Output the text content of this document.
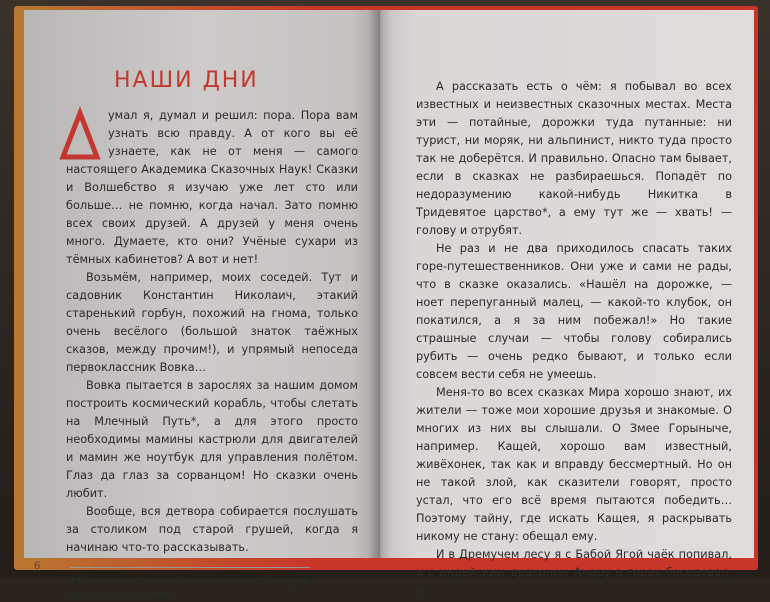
НАШИ ДНИ

умал я, думал и решил: пора. Пора вам узнать всю правду. А от кого вы её узнаете, как не от меня — самого настоящего Академика Сказочных Наук! Сказки и Волшебство я изучаю уже лет сто или больше… не помню, когда начал. Зато помню всех своих друзей. А друзей у меня очень много. Думаете, кто они? Учёные сухари из тёмных кабинетов? А вот и нет!

Возьмём, например, моих соседей. Тут и садовник Константин Николаич, этакий старенький горбун, похожий на гнома, только очень весёлого (большой знаток таёжных сказов, между прочим!), и упрямый непоседа первоклассник Вовка…

Вовка пытается в зарослях за нашим домом построить космический корабль, чтобы слетать на Млечный Путь*, а для этого просто необходимы мамины кастрюли для двигателей и мамин же ноутбук для управления полётом. Глаз да глаз за сорванцом! Но сказки очень любит.

Вообще, вся детвора собирается послушать за столиком под старой грушей, когда я начинаю что-то рассказывать.

* Объяснение слов, отмеченных значком *, смотри в словаре в конце книги.

6

А рассказать есть о чём: я побывал во всех известных и неизвестных сказочных местах. Места эти — потайные, дорожки туда путанные: ни турист, ни моряк, ни альпинист, никто туда просто так не доберётся. И правильно. Опасно там бывает, если в сказках не разбираешься. Попадёт по недоразумению какой-нибудь Никитка в Тридевятое царство*, а ему тут же — хвать! — голову и отрубят.

Не раз и не два приходилось спасать таких горе-путешественников. Они уже и сами не рады, что в сказке оказались. «Нашёл на дорожке, — ноет перепуганный малец, — какой-то клубок, он покатился, а я за ним побежал!» Но такие страшные случаи — чтобы голову собирались рубить — очень редко бывают, и только если совсем вести себя не умеешь.

Меня-то во всех сказках Мира хорошо знают, их жители — тоже мои хорошие друзья и знакомые. О многих из них вы слышали. О Змее Горыныче, например. Кащей, хорошо вам известный, живёхонек, так как и вправду бессмертный. Но он не такой злой, как сказители говорят, просто устал, что его всё время пытаются победить… Поэтому тайну, где искать Кащея, я раскрывать никому не стану: обещал ему.

И в Дремучем лесу я с Бабой Ягой чаёк попивал, и с индейским драконом Амару в горах беседовал, и
